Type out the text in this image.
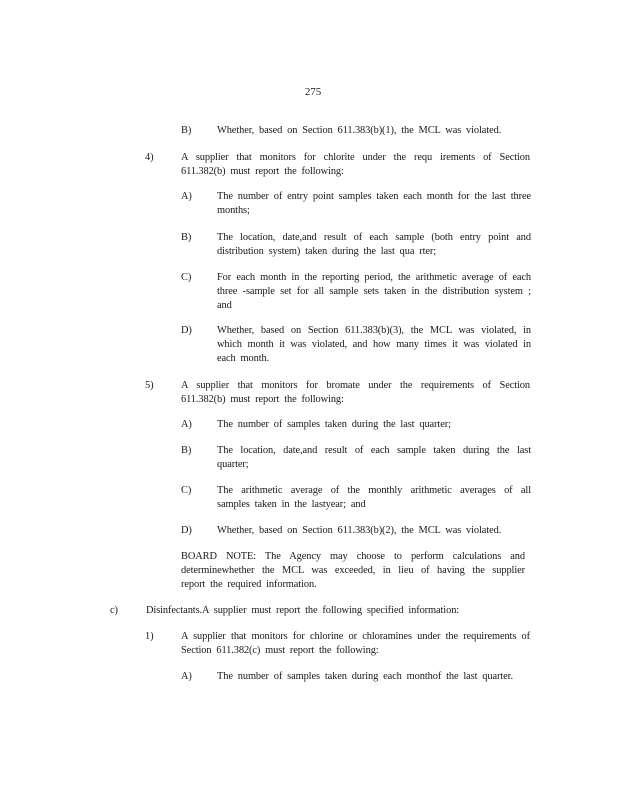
275
B)	Whether, based on Section 611.383(b)(1), the MCL was violated.
4)	A supplier that monitors for chlorite under the requ irements of Section 611.382(b) must report the following:
A)	The number of entry point samples taken each month for the last three months;
B)	The location, date,and result of each sample (both entry point and distribution system) taken during the last qua rter;
C)	For each month in the reporting period, the arithmetic average of each three -sample set for all sample sets taken in the distribution system ; and
D)	Whether, based on Section 611.383(b)(3), the MCL was violated, in which month it was violated, and how many times it was violated in each month.
5)	A supplier that monitors for bromate under the requirements of Section 611.382(b) must report the following:
A)	The number of samples taken during the last quarter;
B)	The location, date,and result of each sample taken during the last quarter;
C)	The arithmetic average of the monthly arithmetic averages of all samples taken in the lastyear; and
D)	Whether, based on Section 611.383(b)(2), the MCL was violated.
BOARD NOTE: The Agency may choose to perform calculations and determinewhether the MCL was exceeded, in lieu of having the supplier report the required information.
c)	Disinfectants.A supplier must report the following specified information:
1)	A supplier that monitors for chlorine or chloramines under the requirements of Section 611.382(c) must report the following:
A)	The number of samples taken during each monthof the last quarter.
